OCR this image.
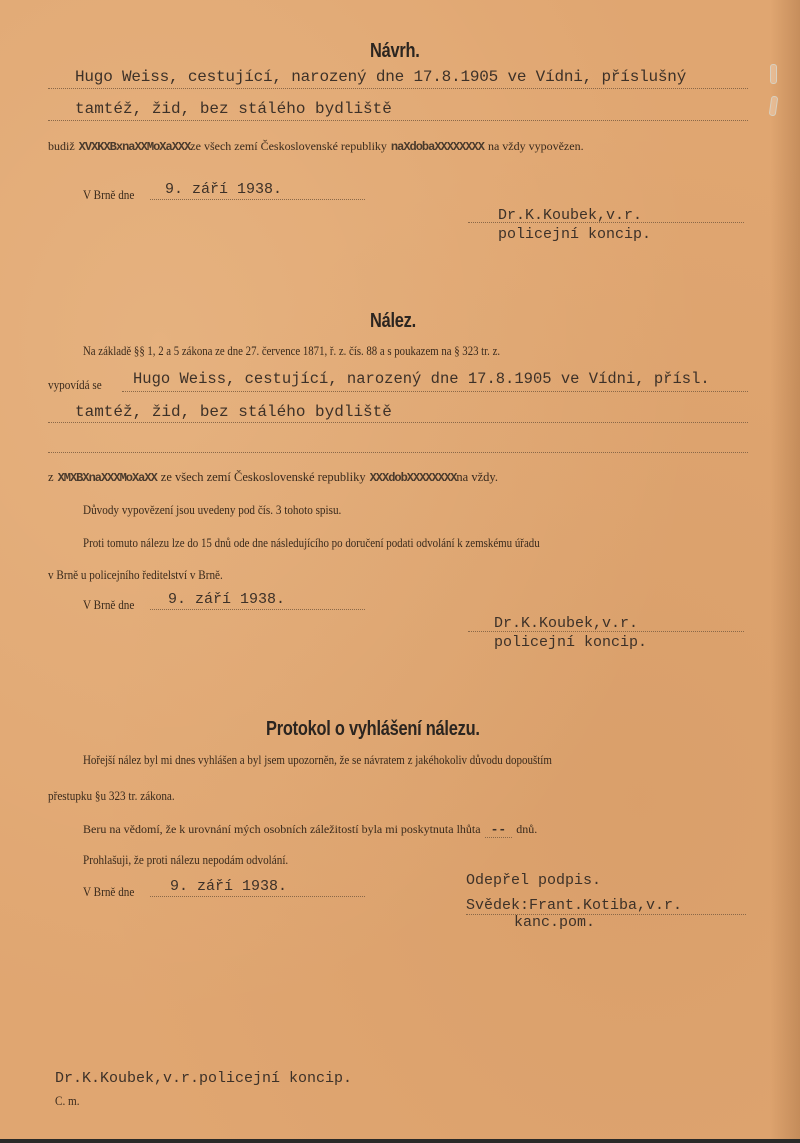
Návrh.
Hugo Weiss, cestující, narozený dne 17.8.1905 ve Vídni, příslušný
tamtéž, žid, bez stálého bydliště
budiž XVXKXBxnaXXMoXaXXXze všech zemí Československé republiky naXdobaXXXXXXXX na vždy vypovězen.
V Brně dne 9. září 1938.
Dr.K.Koubek,v.r.
policejní koncip.
Nález.
Na základě §§ 1, 2 a 5 zákona ze dne 27. července 1871, ř. z. čís. 88 a s poukazem na § 323 tr. z.
vypovídá se Hugo Weiss, cestující, narozený dne 17.8.1905 ve Vídni, přísl.
tamtéž, žid, bez stálého bydliště
z XMXBXnaXXXMoXaXX ze všech zemí Československé republiky XXXdobXXXXXXXXna vždy.
Důvody vypovězení jsou uvedeny pod čís. 3 tohoto spisu.
Proti tomuto nálezu lze do 15 dnů ode dne následujícího po doručení podati odvolání k zemskému úřadu
v Brně u policejního ředitelství v Brně.
V Brně dne 9. září 1938.
Dr.K.Koubek,v.r.
policejní koncip.
Protokol o vyhlášení nálezu.
Hořejší nález byl mi dnes vyhlášen a byl jsem upozorněn, že se návratem z jakéhokoliv důvodu dopouštím
přestupku §u 323 tr. zákona.
Beru na vědomí, že k urovnání mých osobních záležitostí byla mi poskytnuta lhůta -- dnů.
Prohlašuji, že proti nálezu nepodám odvolání.
V Brně dne 9. září 1938.	Odepřel podpis.
Svědek:Frant.Kotiba,v.r.
kanc.pom.
Dr.K.Koubek,v.r.policejní koncip.
C. m.
